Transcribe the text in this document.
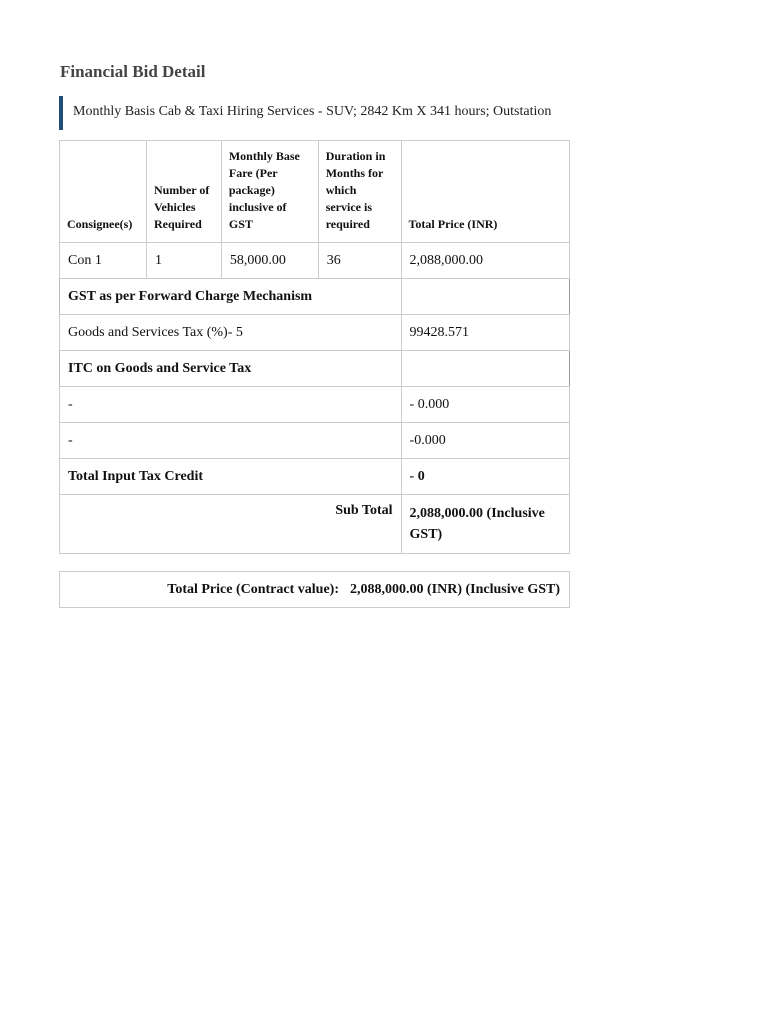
Financial Bid Detail
Monthly Basis Cab & Taxi Hiring Services - SUV; 2842 Km X 341 hours; Outstation
Consignee(s)	Number of Vehicles Required	Monthly Base Fare (Per package) inclusive of GST	Duration in Months for which service is required	Total Price (INR)
Con 1	1	58,000.00	36	2,088,000.00
GST as per Forward Charge Mechanism				
Goods and Services Tax (%)- 5				99428.571
ITC on Goods and Service Tax				
-				- 0.000
-				-0.000
Total Input Tax Credit				- 0
Sub Total				2,088,000.00 (Inclusive GST)
Total Price (Contract value): 2,088,000.00 (INR) (Inclusive GST)
